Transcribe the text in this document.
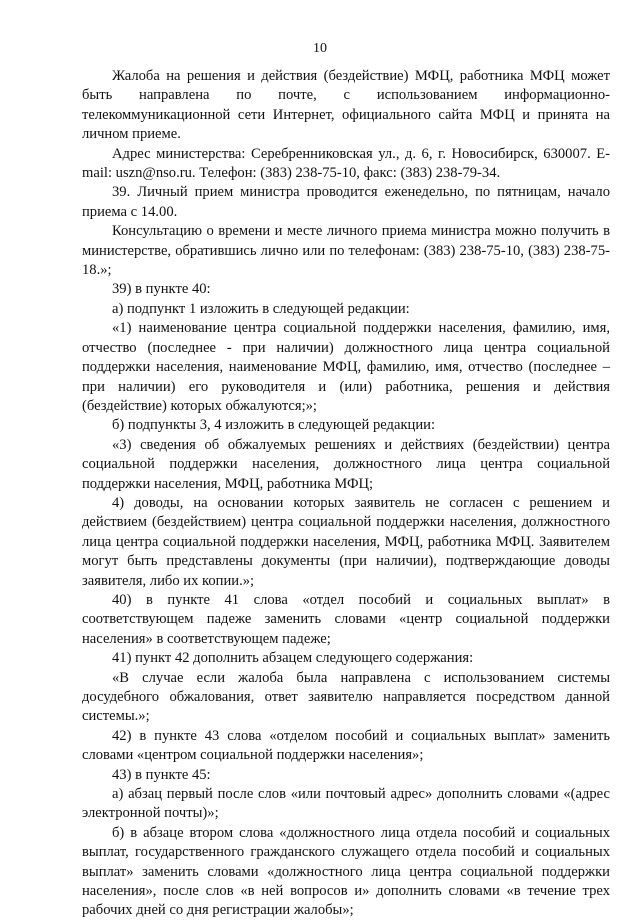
10

Жалоба на решения и действия (бездействие) МФЦ, работника МФЦ может быть направлена по почте, с использованием информационно-телекоммуникационной сети Интернет, официального сайта МФЦ и принята на личном приеме.

Адрес министерства: Серебренниковская ул., д. 6, г. Новосибирск, 630007. E-mail: uszn@nso.ru. Телефон: (383) 238-75-10, факс: (383) 238-79-34.

39. Личный прием министра проводится еженедельно, по пятницам, начало приема с 14.00.

Консультацию о времени и месте личного приема министра можно получить в министерстве, обратившись лично или по телефонам: (383) 238-75-10, (383) 238-75-18.»;

39) в пункте 40:

а) подпункт 1 изложить в следующей редакции:

«1) наименование центра социальной поддержки населения, фамилию, имя, отчество (последнее - при наличии) должностного лица центра социальной поддержки населения, наименование МФЦ, фамилию, имя, отчество (последнее – при наличии) его руководителя и (или) работника, решения и действия (бездействие) которых обжалуются;»;

б) подпункты 3, 4 изложить в следующей редакции:

«3) сведения об обжалуемых решениях и действиях (бездействии) центра социальной поддержки населения, должностного лица центра социальной поддержки населения, МФЦ, работника МФЦ;

4) доводы, на основании которых заявитель не согласен с решением и действием (бездействием) центра социальной поддержки населения, должностного лица центра социальной поддержки населения, МФЦ, работника МФЦ. Заявителем могут быть представлены документы (при наличии), подтверждающие доводы заявителя, либо их копии.»;

40) в пункте 41 слова «отдел пособий и социальных выплат» в соответствующем падеже заменить словами «центр социальной поддержки населения» в соответствующем падеже;

41) пункт 42 дополнить абзацем следующего содержания:

«В случае если жалоба была направлена с использованием системы досудебного обжалования, ответ заявителю направляется посредством данной системы.»;

42) в пункте 43 слова «отделом пособий и социальных выплат» заменить словами «центром социальной поддержки населения»;

43) в пункте 45:

а) абзац первый после слов «или почтовый адрес» дополнить словами «(адрес электронной почты)»;

б) в абзаце втором слова «должностного лица отдела пособий и социальных выплат, государственного гражданского служащего отдела пособий и социальных выплат» заменить словами «должностного лица центра социальной поддержки населения», после слов «в ней вопросов и» дополнить словами «в течение трех рабочих дней со дня регистрации жалобы»;
